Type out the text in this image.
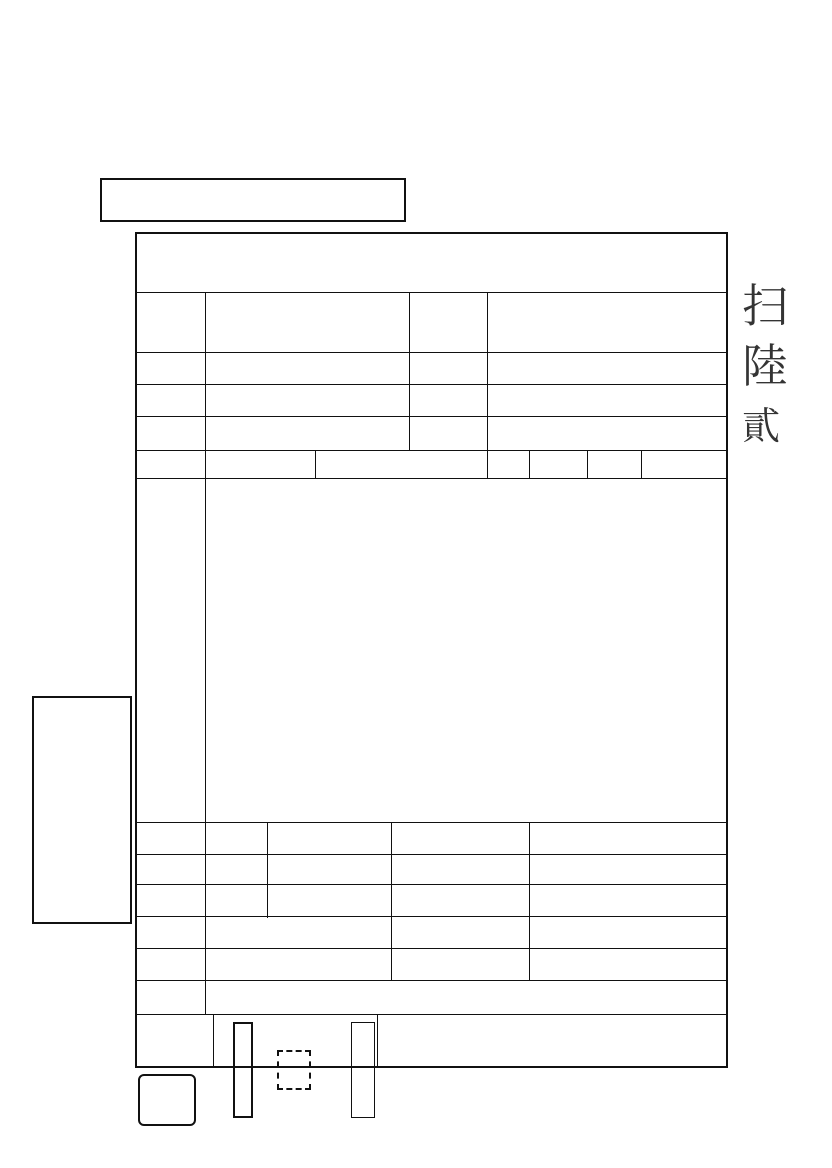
扫
陸
貳
